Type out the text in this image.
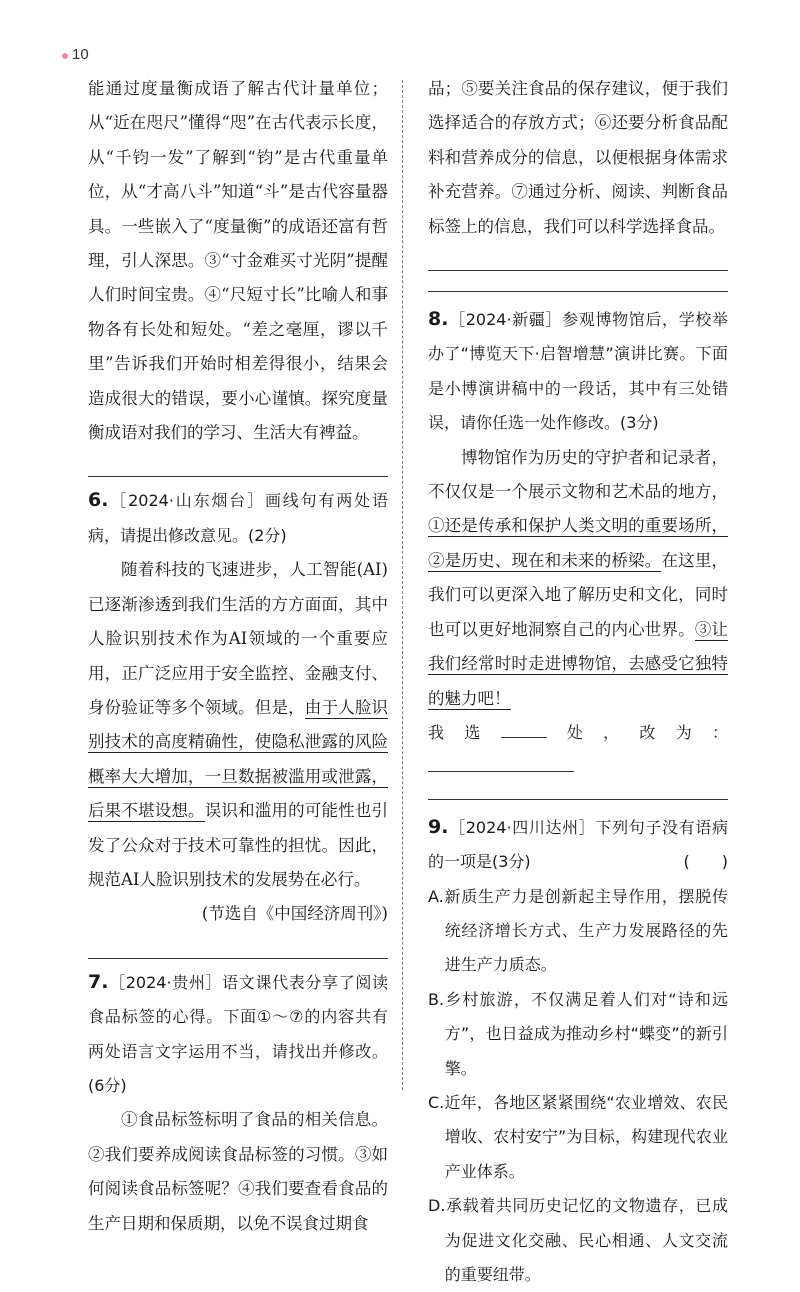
10

能通过度量衡成语了解古代计量单位；从“近在咫尺”懂得“咫”在古代表示长度，从“千钧一发”了解到“钧”是古代重量单位，从“才高八斗”知道“斗”是古代容量器具。一些嵌入了“度量衡”的成语还富有哲理，引人深思。③“寸金难买寸光阴”提醒人们时间宝贵。④“尺短寸长”比喻人和事物各有长处和短处。“差之毫厘，谬以千里”告诉我们开始时相差得很小，结果会造成很大的错误，要小心谨慎。探究度量衡成语对我们的学习、生活大有裨益。

6.［2024·山东烟台］画线句有两处语病，请提出修改意见。(2分)

随着科技的飞速进步，人工智能(AI)已逐渐渗透到我们生活的方方面面，其中人脸识别技术作为AI领域的一个重要应用，正广泛应用于安全监控、金融支付、身份验证等多个领域。但是，由于人脸识别技术的高度精确性，使隐私泄露的风险概率大大增加，一旦数据被滥用或泄露，后果不堪设想。误识和滥用的可能性也引发了公众对于技术可靠性的担忧。因此，规范AI人脸识别技术的发展势在必行。

(节选自《中国经济周刊》)

7.［2024·贵州］语文课代表分享了阅读食品标签的心得。下面①～⑦的内容共有两处语言文字运用不当，请找出并修改。(6分)

①食品标签标明了食品的相关信息。②我们要养成阅读食品标签的习惯。③如何阅读食品标签呢？④我们要查看食品的生产日期和保质期，以免不误食过期食

品；⑤要关注食品的保存建议，便于我们选择适合的存放方式；⑥还要分析食品配料和营养成分的信息，以便根据身体需求补充营养。⑦通过分析、阅读、判断食品标签上的信息，我们可以科学选择食品。

8.［2024·新疆］参观博物馆后，学校举办了“博览天下·启智增慧”演讲比赛。下面是小博演讲稿中的一段话，其中有三处错误，请你任选一处作修改。(3分)

博物馆作为历史的守护者和记录者，不仅仅是一个展示文物和艺术品的地方，①还是传承和保护人类文明的重要场所，②是历史、现在和未来的桥梁。在这里，我们可以更深入地了解历史和文化，同时也可以更好地洞察自己的内心世界。③让我们经常时时走进博物馆，去感受它独特的魅力吧！

我选	处，改为：

9.［2024·四川达州］下列句子没有语病的一项是(3分)	(　　)

A.新质生产力是创新起主导作用，摆脱传统经济增长方式、生产力发展路径的先进生产力质态。

B.乡村旅游，不仅满足着人们对“诗和远方”，也日益成为推动乡村“蝶变”的新引擎。

C.近年，各地区紧紧围绕“农业增效、农民增收、农村安宁”为目标，构建现代农业产业体系。

D.承载着共同历史记忆的文物遗存，已成为促进文化交融、民心相通、人文交流的重要纽带。
